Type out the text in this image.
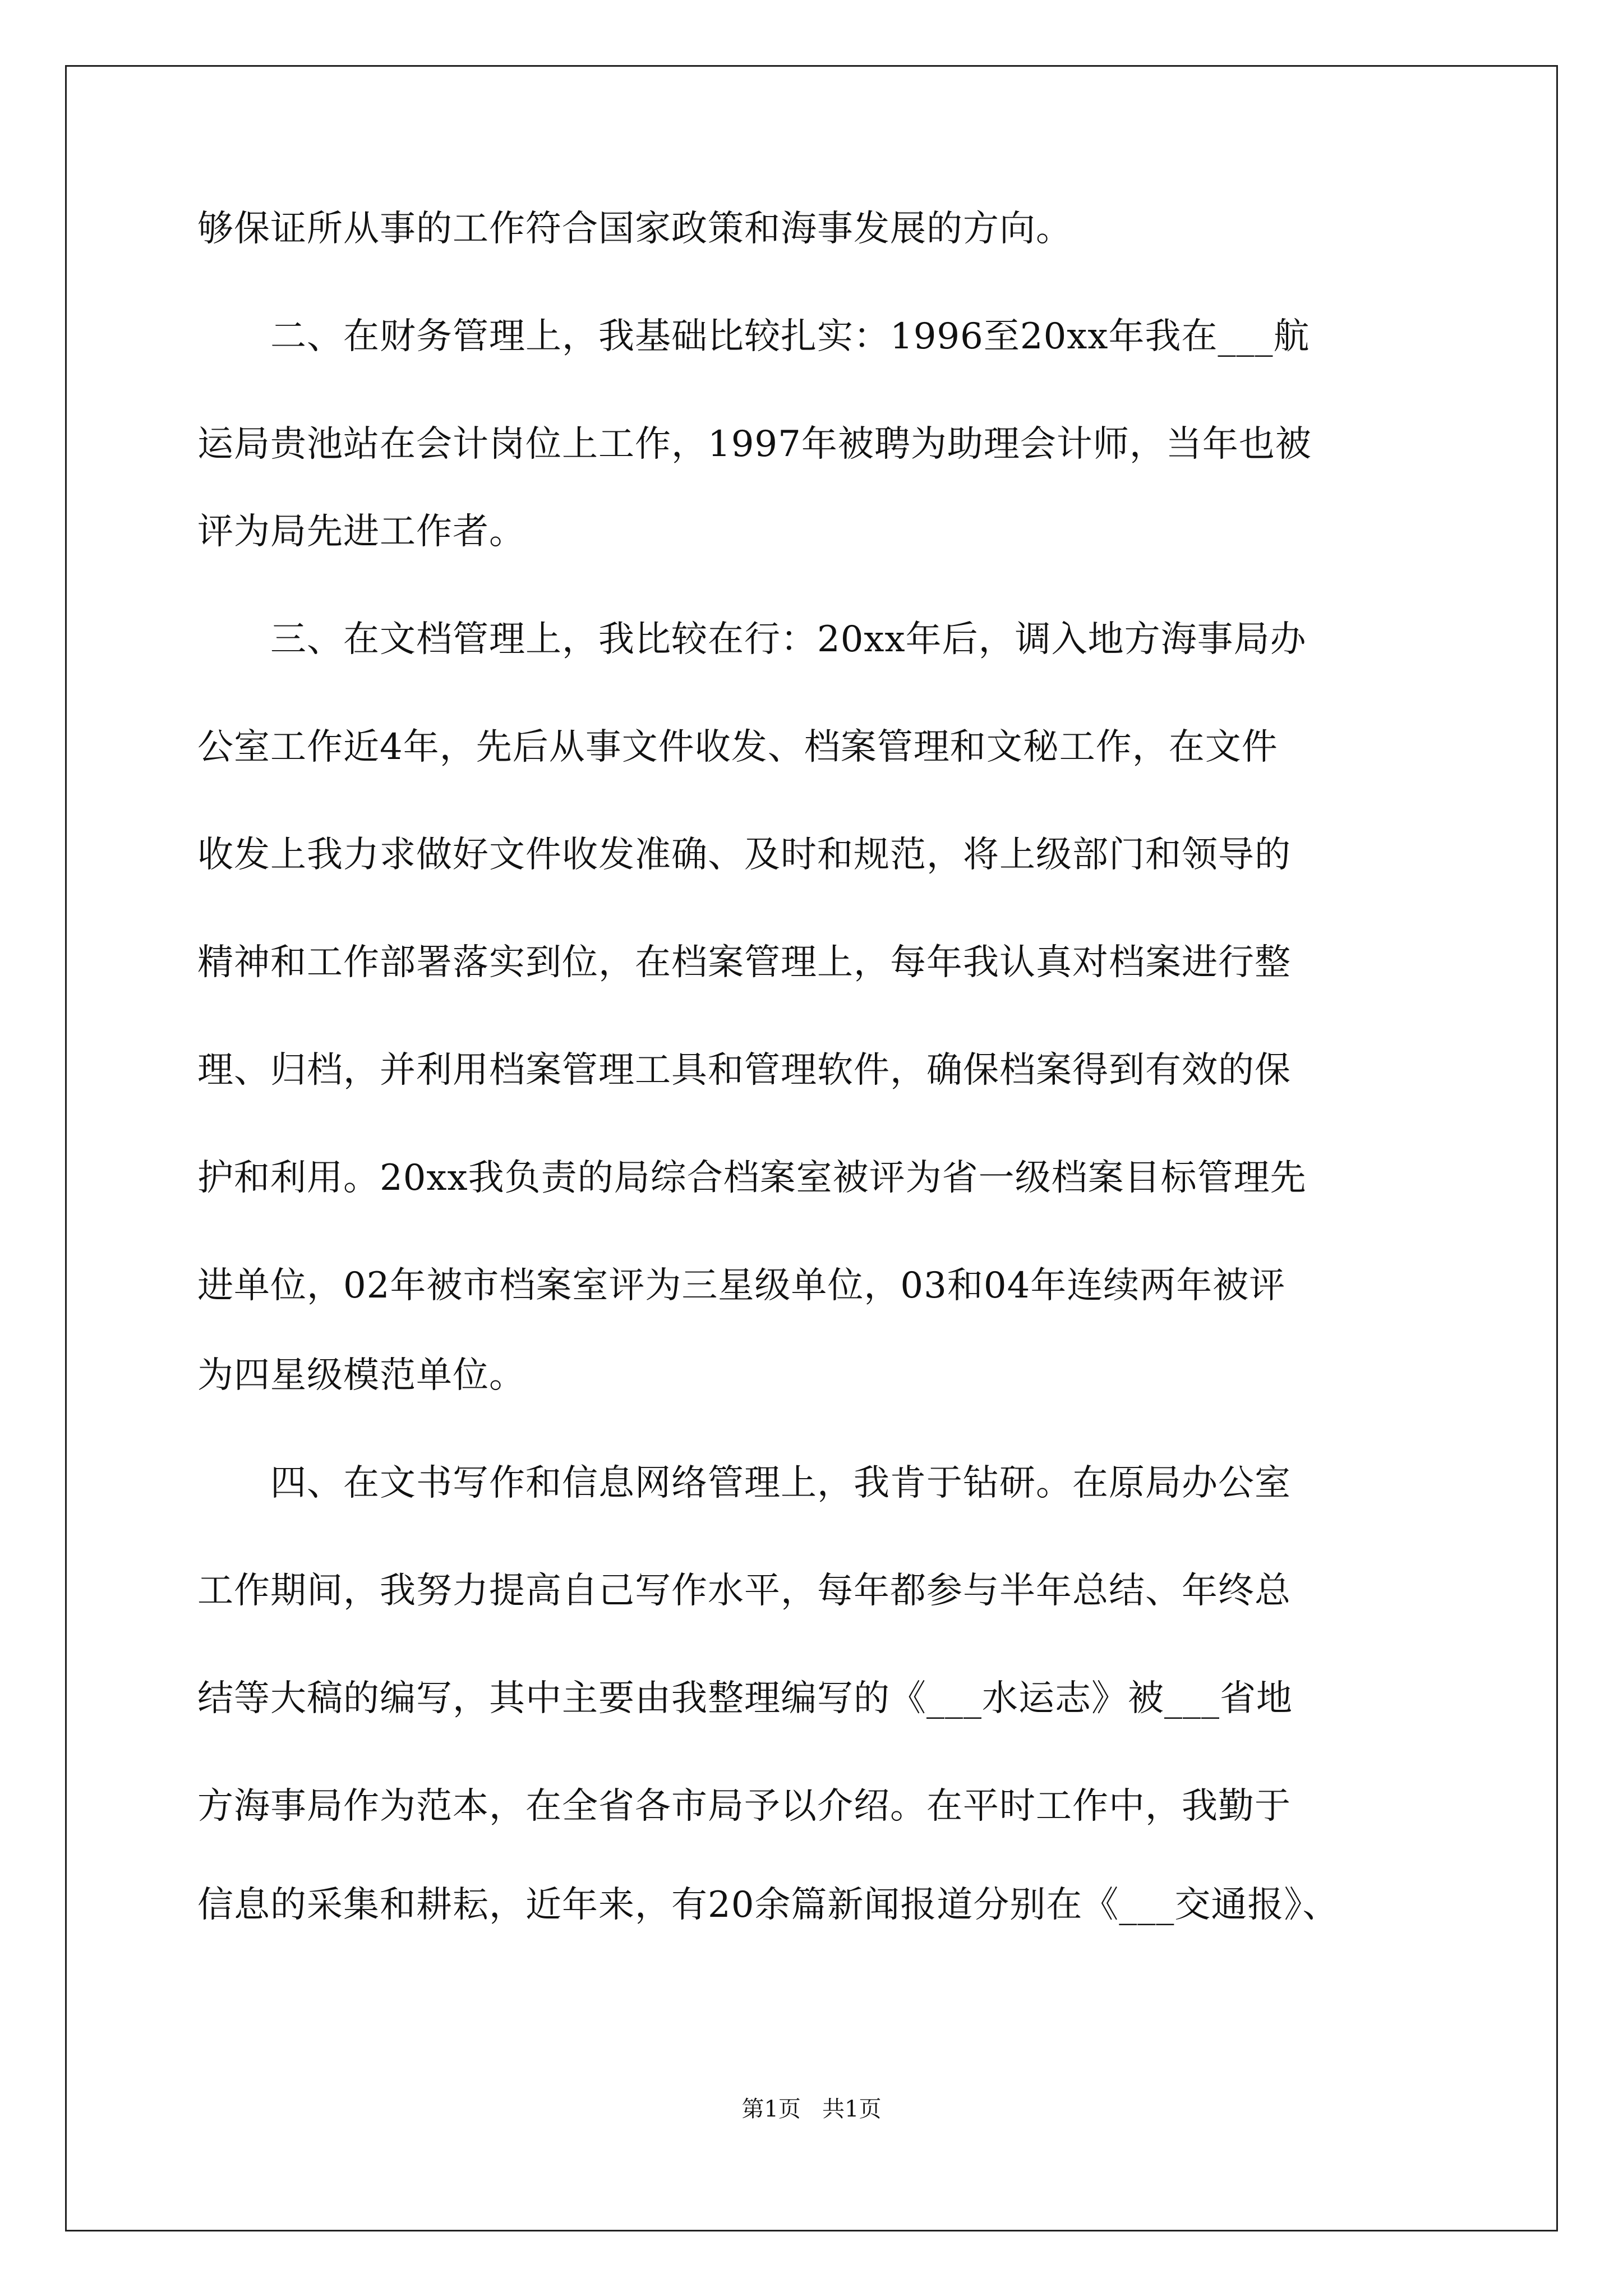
够保证所从事的工作符合国家政策和海事发展的方向。
　　二、在财务管理上，我基础比较扎实：1996至20xx年我在___航
运局贵池站在会计岗位上工作，1997年被聘为助理会计师，当年也被
评为局先进工作者。
　　三、在文档管理上，我比较在行：20xx年后，调入地方海事局办
公室工作近4年，先后从事文件收发、档案管理和文秘工作，在文件
收发上我力求做好文件收发准确、及时和规范，将上级部门和领导的
精神和工作部署落实到位，在档案管理上，每年我认真对档案进行整
理、归档，并利用档案管理工具和管理软件，确保档案得到有效的保
护和利用。20xx我负责的局综合档案室被评为省一级档案目标管理先
进单位，02年被市档案室评为三星级单位，03和04年连续两年被评
为四星级模范单位。
　　四、在文书写作和信息网络管理上，我肯于钻研。在原局办公室
工作期间，我努力提高自己写作水平，每年都参与半年总结、年终总
结等大稿的编写，其中主要由我整理编写的《___水运志》被___省地
方海事局作为范本，在全省各市局予以介绍。在平时工作中，我勤于
信息的采集和耕耘，近年来，有20余篇新闻报道分别在《___交通报》、
第1页   共1页
